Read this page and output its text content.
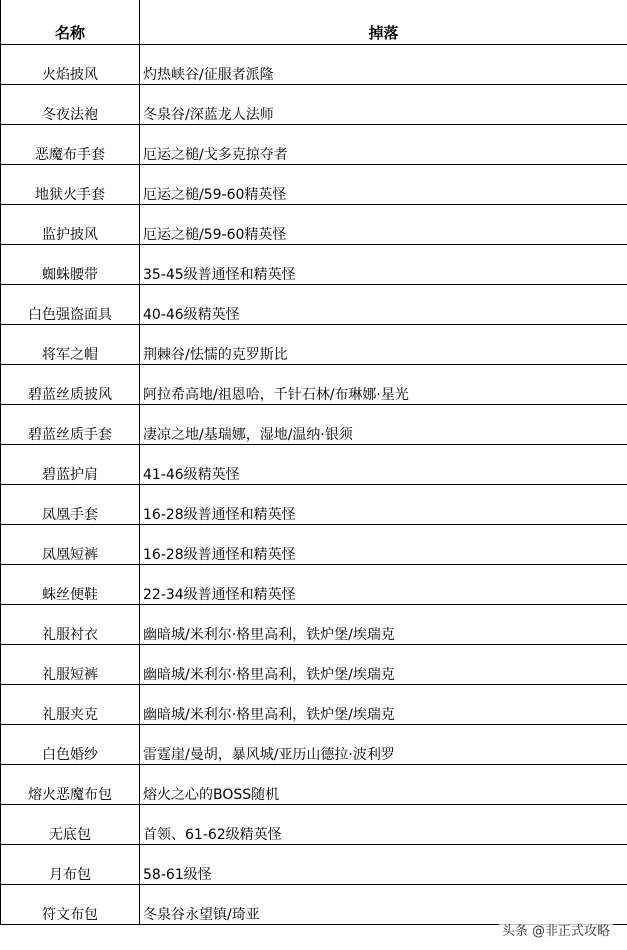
名称	掉落
火焰披风	灼热峡谷/征服者派隆
冬夜法袍	冬泉谷/深蓝龙人法师
恶魔布手套	厄运之槌/戈多克掠夺者
地狱火手套	厄运之槌/59-60精英怪
监护披风	厄运之槌/59-60精英怪
蜘蛛腰带	35-45级普通怪和精英怪
白色强盗面具	40-46级精英怪
将军之帽	荆棘谷/怯懦的克罗斯比
碧蓝丝质披风	阿拉希高地/祖恩哈，千针石林/布琳娜·星光
碧蓝丝质手套	凄凉之地/基瑞娜，湿地/温纳·银须
碧蓝护肩	41-46级精英怪
凤凰手套	16-28级普通怪和精英怪
凤凰短裤	16-28级普通怪和精英怪
蛛丝便鞋	22-34级普通怪和精英怪
礼服衬衣	幽暗城/米利尔·格里高利，铁炉堡/埃瑞克
礼服短裤	幽暗城/米利尔·格里高利，铁炉堡/埃瑞克
礼服夹克	幽暗城/米利尔·格里高利，铁炉堡/埃瑞克
白色婚纱	雷霆崖/曼胡，暴风城/亚历山德拉·波利罗
熔火恶魔布包	熔火之心的BOSS随机
无底包	首领、61-62级精英怪
月布包	58-61级怪
符文布包	冬泉谷永望镇/琦亚
头条 @非正式攻略
